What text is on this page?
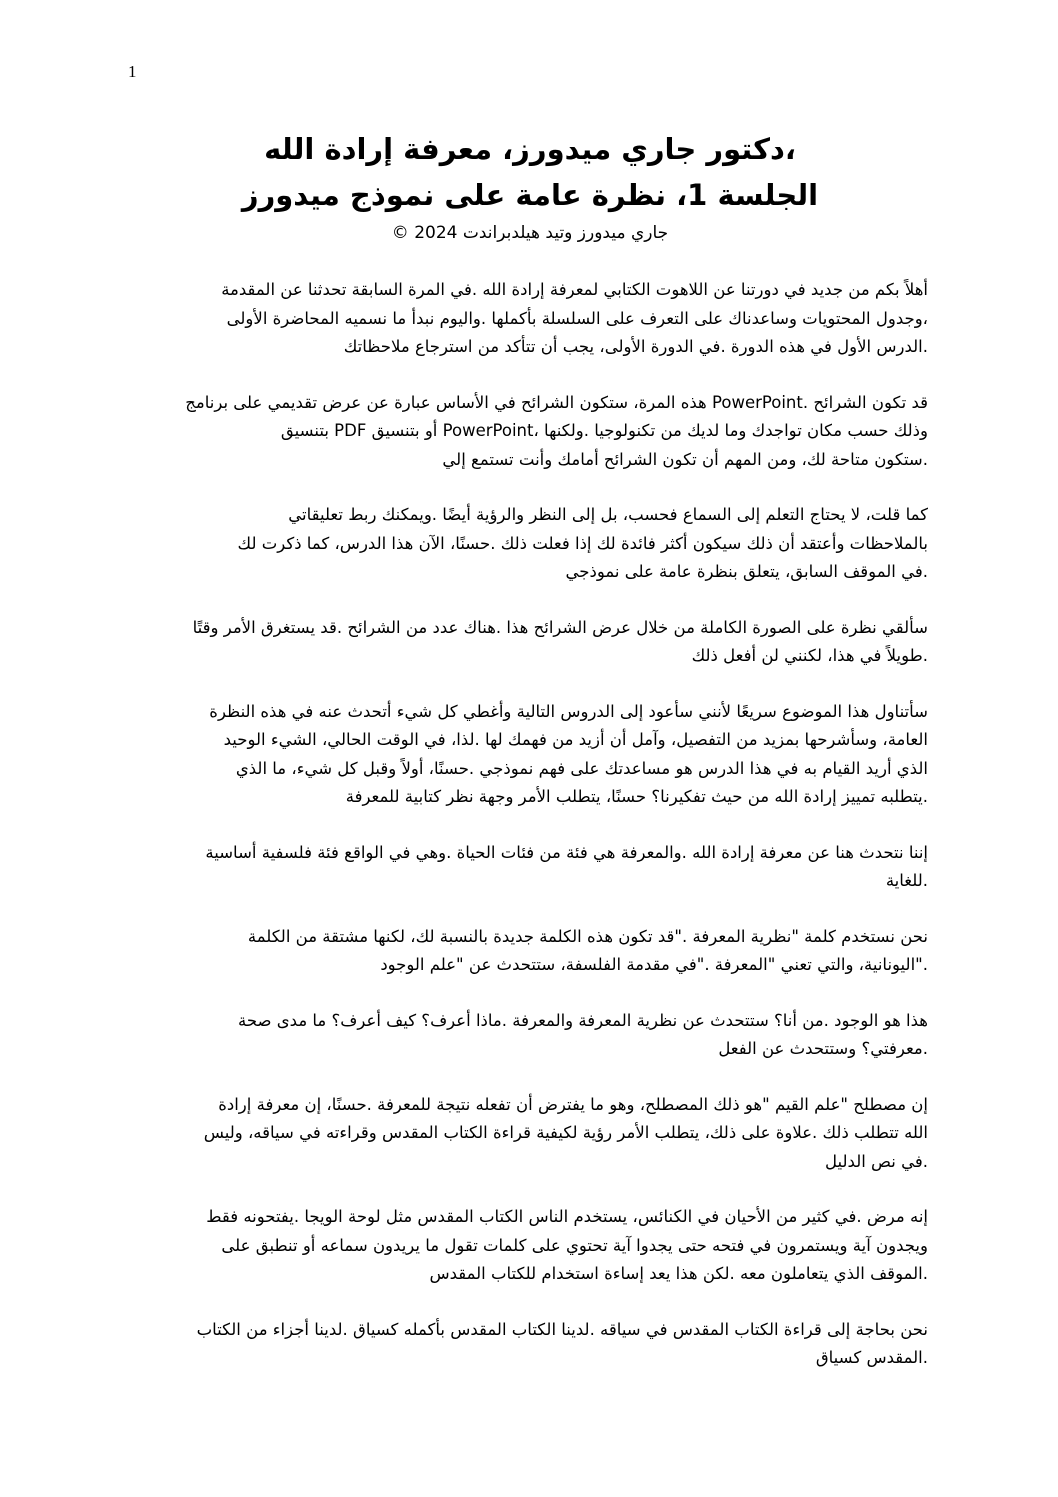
1

،دكتور جاري ميدورز، معرفة إرادة الله

الجلسة 1، نظرة عامة على نموذج ميدورز

جاري ميدورز وتيد هيلدبراندت 2024 ©

أهلاً بكم من جديد في دورتنا عن اللاهوت الكتابي لمعرفة إرادة الله .في المرة السابقة تحدثنا عن المقدمة
،وجدول المحتويات وساعدناك على التعرف على السلسلة بأكملها .واليوم نبدأ ما نسميه المحاضرة الأولى
.الدرس الأول في هذه الدورة .في الدورة الأولى، يجب أن تتأكد من استرجاع ملاحظاتك

قد تكون الشرائح .PowerPoint هذه المرة، ستكون الشرائح في الأساس عبارة عن عرض تقديمي على برنامج
وذلك حسب مكان تواجدك وما لديك من تكنولوجيا .ولكنها ،PowerPoint أو بتنسيق PDF بتنسيق
.ستكون متاحة لك، ومن المهم أن تكون الشرائح أمامك وأنت تستمع إلي

كما قلت، لا يحتاج التعلم إلى السماع فحسب، بل إلى النظر والرؤية أيضًا .ويمكنك ربط تعليقاتي
بالملاحظات وأعتقد أن ذلك سيكون أكثر فائدة لك إذا فعلت ذلك .حسنًا، الآن هذا الدرس، كما ذكرت لك
.في الموقف السابق، يتعلق بنظرة عامة على نموذجي

سألقي نظرة على الصورة الكاملة من خلال عرض الشرائح هذا .هناك عدد من الشرائح .قد يستغرق الأمر وقتًا
.طويلاً في هذا، لكنني لن أفعل ذلك

سأتناول هذا الموضوع سريعًا لأنني سأعود إلى الدروس التالية وأغطي كل شيء أتحدث عنه في هذه النظرة
العامة، وسأشرحها بمزيد من التفصيل، وآمل أن أزيد من فهمك لها .لذا، في الوقت الحالي، الشيء الوحيد
الذي أريد القيام به في هذا الدرس هو مساعدتك على فهم نموذجي .حسنًا، أولاً وقبل كل شيء، ما الذي
.يتطلبه تمييز إرادة الله من حيث تفكيرنا؟ حسنًا، يتطلب الأمر وجهة نظر كتابية للمعرفة

إننا نتحدث هنا عن معرفة إرادة الله .والمعرفة هي فئة من فئات الحياة .وهي في الواقع فئة فلسفية أساسية
.للغاية

نحن نستخدم كلمة "نظرية المعرفة ."قد تكون هذه الكلمة جديدة بالنسبة لك، لكنها مشتقة من الكلمة
."اليونانية، والتي تعني "المعرفة ."في مقدمة الفلسفة، ستتحدث عن "علم الوجود

هذا هو الوجود .من أنا؟ ستتحدث عن نظرية المعرفة والمعرفة .ماذا أعرف؟ كيف أعرف؟ ما مدى صحة
.معرفتي؟ وستتحدث عن الفعل

إن مصطلح "علم القيم "هو ذلك المصطلح، وهو ما يفترض أن تفعله نتيجة للمعرفة .حسنًا، إن معرفة إرادة
الله تتطلب ذلك .علاوة على ذلك، يتطلب الأمر رؤية لكيفية قراءة الكتاب المقدس وقراءته في سياقه، وليس
.في نص الدليل

إنه مرض .في كثير من الأحيان في الكنائس، يستخدم الناس الكتاب المقدس مثل لوحة الويجا .يفتحونه فقط
ويجدون آية ويستمرون في فتحه حتى يجدوا آية تحتوي على كلمات تقول ما يريدون سماعه أو تنطبق على
.الموقف الذي يتعاملون معه .لكن هذا يعد إساءة استخدام للكتاب المقدس

نحن بحاجة إلى قراءة الكتاب المقدس في سياقه .لدينا الكتاب المقدس بأكمله كسياق .لدينا أجزاء من الكتاب
.المقدس كسياق
